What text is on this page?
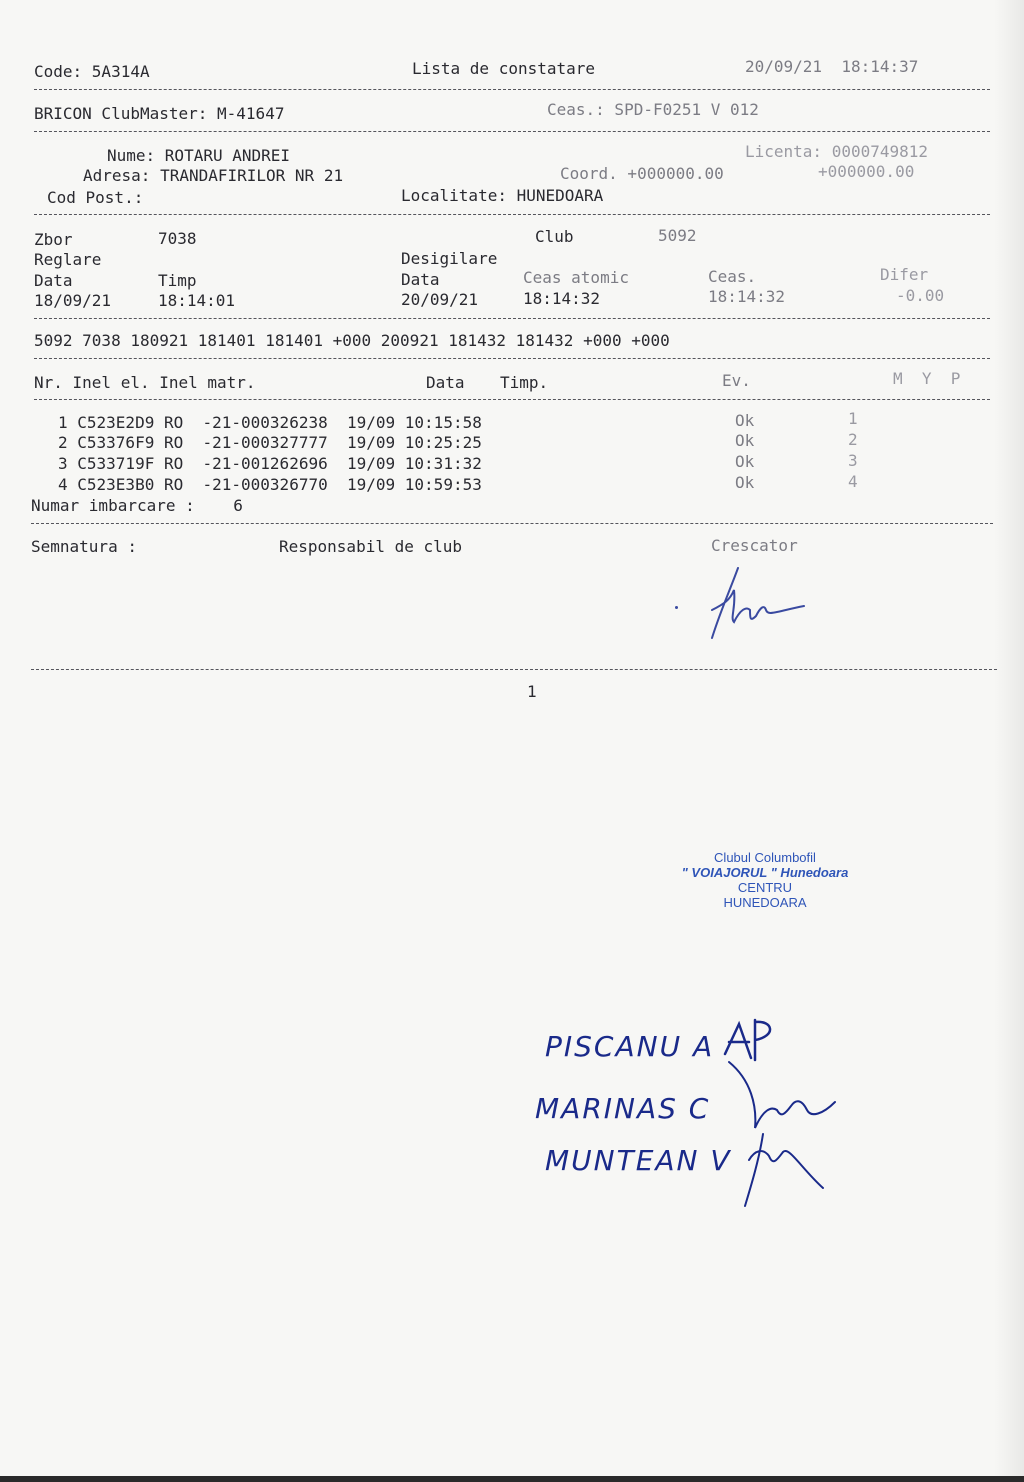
Code: 5A314A	Lista de constatare	20/09/21  18:14:37
BRICON ClubMaster: M-41647	Ceas.: SPD-F0251 V 012
Nume: ROTARU ANDREI	Licenta: 0000749812
Adresa: TRANDAFIRILOR NR 21	Coord. +000000.00	+000000.00
Cod Post.:	Localitate: HUNEDOARA
Zbor	7038	Club	5092
Reglare	Desigilare
Data	Timp	Data	Ceas atomic	Ceas.	Difer
18/09/21	18:14:01	20/09/21	18:14:32	18:14:32	-0.00
5092 7038 180921 181401 181401 +000 200921 181432 181432 +000 +000
Nr. Inel el. Inel matr.	Data Timp.	Ev.	M  Y  P
1 C523E2D9 RO  -21-000326238  19/09 10:15:58	Ok	1
2 C53376F9 RO  -21-000327777  19/09 10:25:25	Ok	2
3 C533719F RO  -21-001262696  19/09 10:31:32	Ok	3
4 C523E3B0 RO  -21-000326770  19/09 10:59:53	Ok	4
Numar imbarcare :    6
Semnatura :	Responsabil de club	Crescator
1
Clubul Columbofil
" VOIAJORUL " Hunedoara
CENTRU
HUNEDOARA
PISCANU A
MARINAS C
MUNTEAN V
